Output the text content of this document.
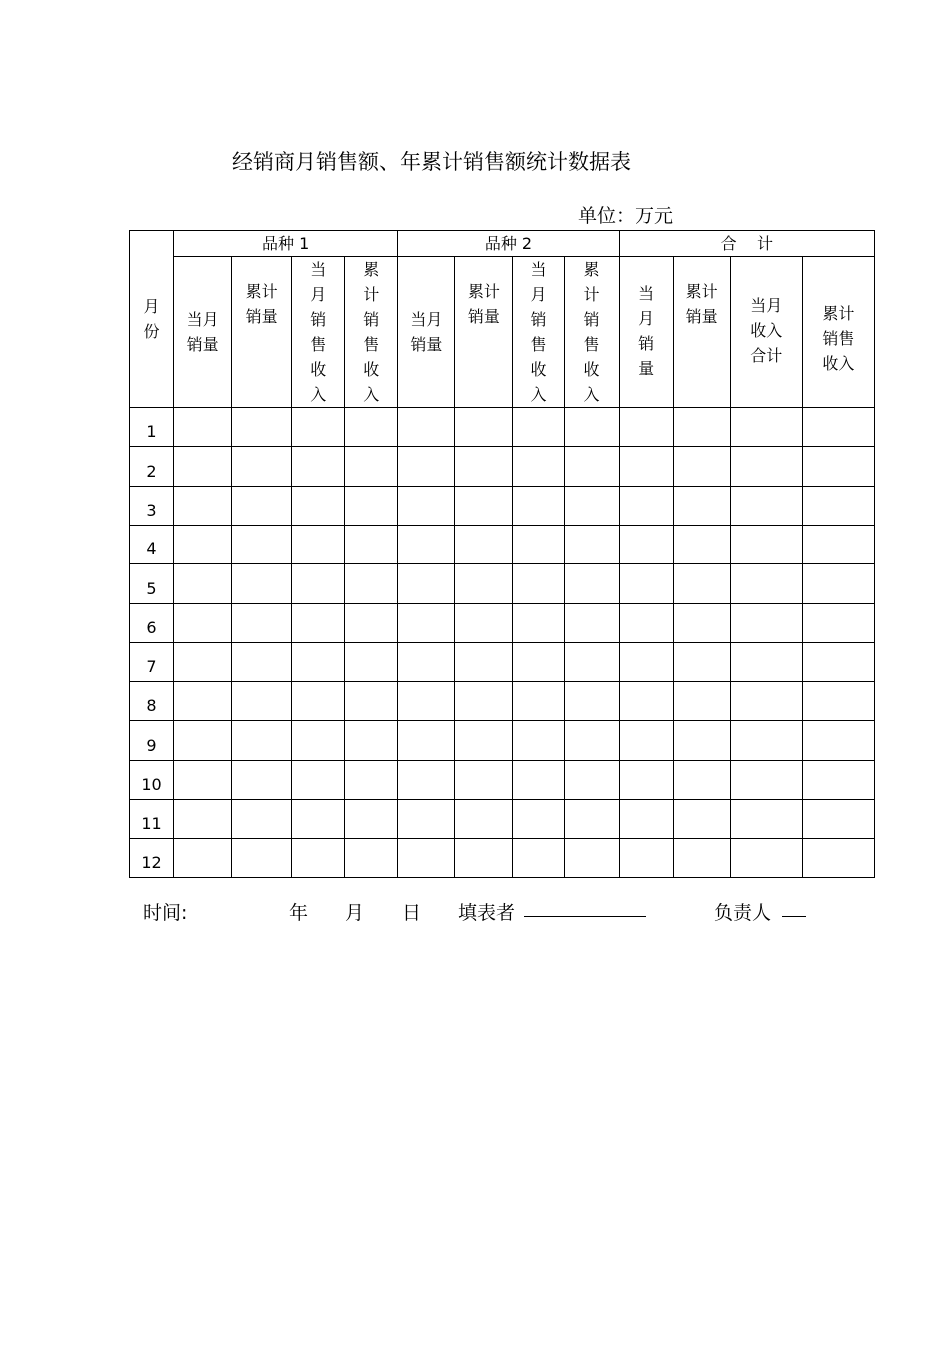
经销商月销售额、年累计销售额统计数据表
单位：万元
月份	品种 1				品种 2				合    计			
	当月销量	累计销量	当月销售收入	累计销售收入	当月销量	累计销量	当月销售收入	累计销售收入	当月销量	累计销量	当月收入合计	累计销售收入
1												
2												
3												
4												
5												
6												
7												
8												
9												
10												
11												
12												
时间:	年 月 日 填表者	负责人
